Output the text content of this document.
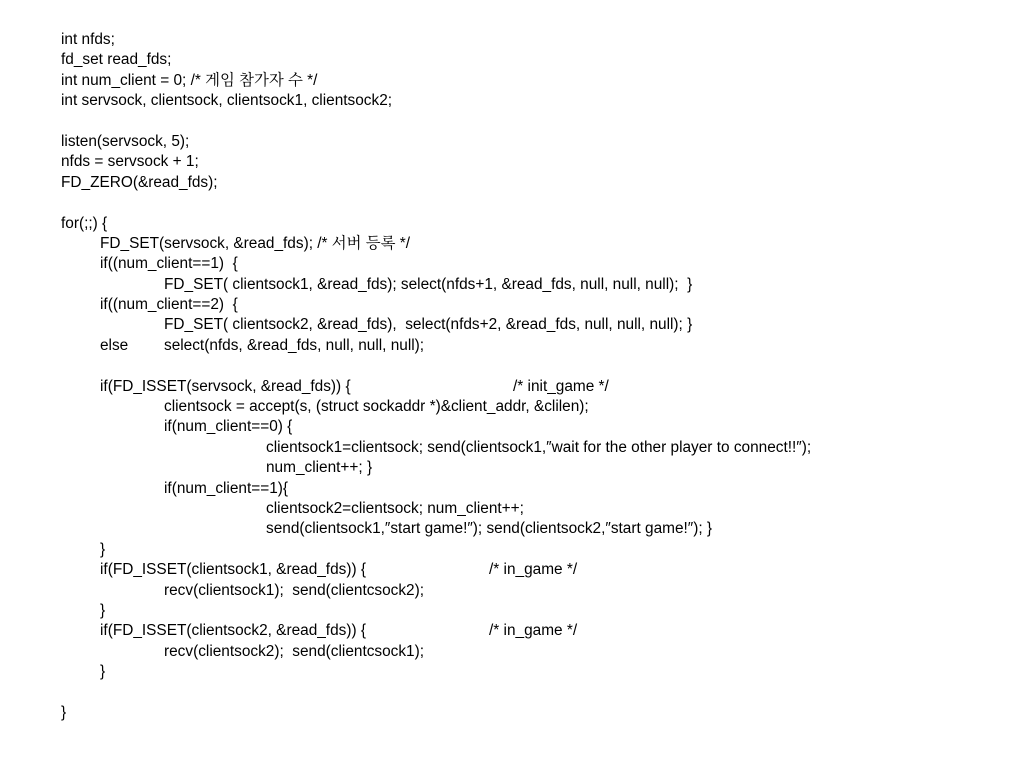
int nfds;
fd_set read_fds;
int num_client = 0; /* 게임 참가자 수 */
int servsock, clientsock, clientsock1, clientsock2;
listen(servsock, 5);
nfds = servsock + 1;
FD_ZERO(&read_fds);
for(;;) {
FD_SET(servsock, &read_fds); /* 서버 등록 */
if((num_client==1)  {
FD_SET( clientsock1, &read_fds); select(nfds+1, &read_fds, null, null, null);  }
if((num_client==2)  {
FD_SET( clientsock2, &read_fds),  select(nfds+2, &read_fds, null, null, null); }
else select(nfds, &read_fds, null, null, null);
if(FD_ISSET(servsock, &read_fds)) {	/* init_game */
clientsock = accept(s, (struct sockaddr *)&client_addr, &clilen);
if(num_client==0) {
clientsock1=clientsock; send(clientsock1,″wait for the other player to connect!!″);
num_client++; }
if(num_client==1){
clientsock2=clientsock; num_client++;
send(clientsock1,″start game!″); send(clientsock2,″start game!″); }
}
if(FD_ISSET(clientsock1, &read_fds)) {	/* in_game */
recv(clientsock1);  send(clientcsock2);
}
if(FD_ISSET(clientsock2, &read_fds)) {	/* in_game */
recv(clientsock2);  send(clientcsock1);
}
}
